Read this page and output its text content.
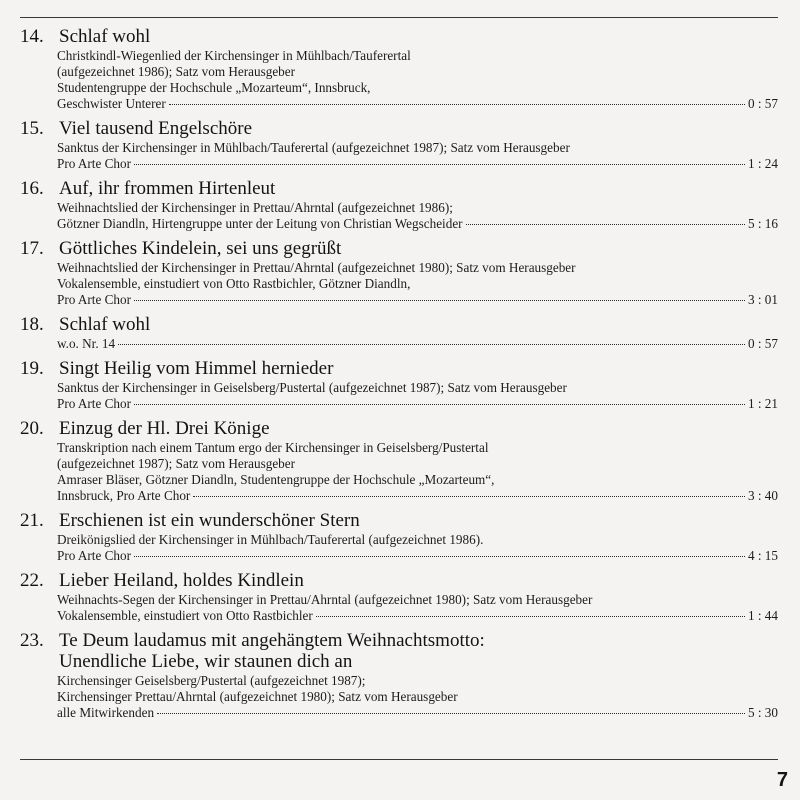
14. Schlaf wohl
Christkindl-Wiegenlied der Kirchensinger in Mühlbach/Tauferertal
(aufgezeichnet 1986); Satz vom Herausgeber
Studentengruppe der Hochschule „Mozarteum“, Innsbruck,
Geschwister Unterer	0 : 57
15. Viel tausend Engelschöre
Sanktus der Kirchensinger in Mühlbach/Tauferertal (aufgezeichnet 1987); Satz vom Herausgeber
Pro Arte Chor	1 : 24
16. Auf, ihr frommen Hirtenleut
Weihnachtslied der Kirchensinger in Prettau/Ahrntal (aufgezeichnet 1986);
Götzner Diandln, Hirtengruppe unter der Leitung von Christian Wegscheider	5 : 16
17. Göttliches Kindelein, sei uns gegrüßt
Weihnachtslied der Kirchensinger in Prettau/Ahrntal (aufgezeichnet 1980); Satz vom Herausgeber
Vokalensemble, einstudiert von Otto Rastbichler, Götzner Diandln,
Pro Arte Chor	3 : 01
18. Schlaf wohl
w.o. Nr. 14	0 : 57
19. Singt Heilig vom Himmel hernieder
Sanktus der Kirchensinger in Geiselsberg/Pustertal (aufgezeichnet 1987); Satz vom Herausgeber
Pro Arte Chor	1 : 21
20. Einzug der Hl. Drei Könige
Transkription nach einem Tantum ergo der Kirchensinger in Geiselsberg/Pustertal
(aufgezeichnet 1987); Satz vom Herausgeber
Amraser Bläser, Götzner Diandln, Studentengruppe der Hochschule „Mozarteum“,
Innsbruck, Pro Arte Chor	3 : 40
21. Erschienen ist ein wunderschöner Stern
Dreikönigslied der Kirchensinger in Mühlbach/Tauferertal (aufgezeichnet 1986).
Pro Arte Chor	4 : 15
22. Lieber Heiland, holdes Kindlein
Weihnachts-Segen der Kirchensinger in Prettau/Ahrntal (aufgezeichnet 1980); Satz vom Herausgeber
Vokalensemble, einstudiert von Otto Rastbichler	1 : 44
23. Te Deum laudamus mit angehängtem Weihnachtsmotto:
Unendliche Liebe, wir staunen dich an
Kirchensinger Geiselsberg/Pustertal (aufgezeichnet 1987);
Kirchensinger Prettau/Ahrntal (aufgezeichnet 1980); Satz vom Herausgeber
alle Mitwirkenden	5 : 30
7
